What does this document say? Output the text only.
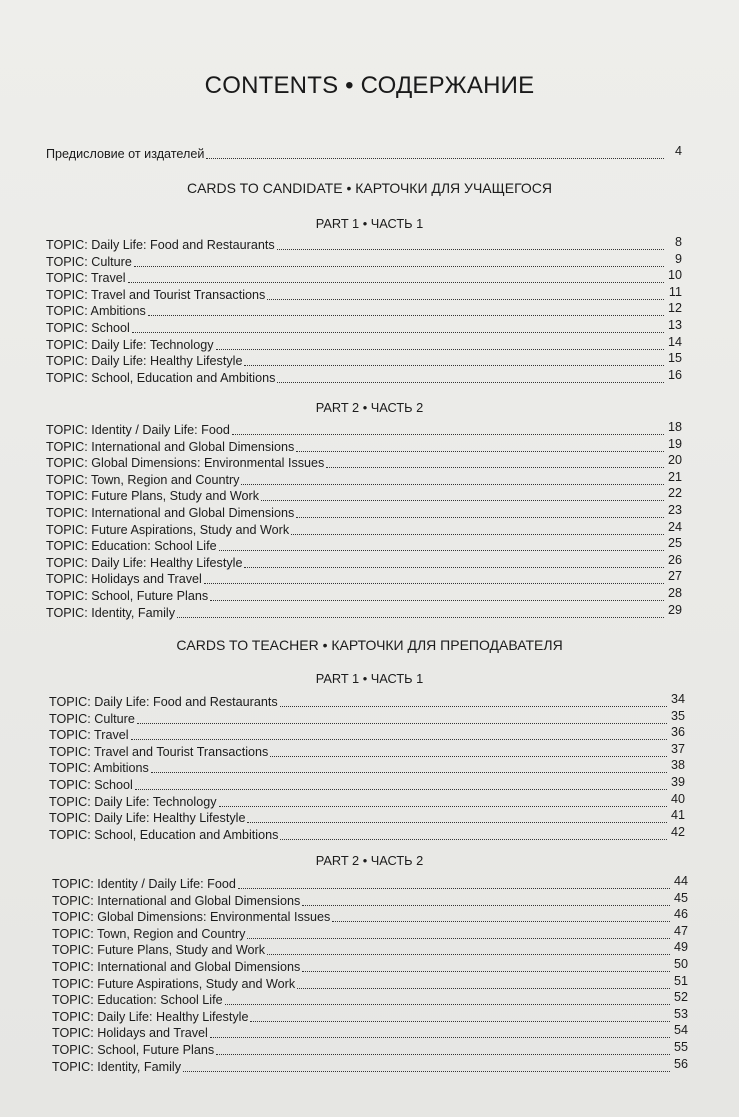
CONTENTS • СОДЕРЖАНИЕ
Предисловие от издателей	4
CARDS TO CANDIDATE • КАРТОЧКИ ДЛЯ УЧАЩЕГОСЯ
PART 1 • ЧАСТЬ 1
TOPIC: Daily Life: Food and Restaurants	8
TOPIC: Culture	9
TOPIC: Travel	10
TOPIC: Travel and Tourist Transactions	11
TOPIC: Ambitions	12
TOPIC: School	13
TOPIC: Daily Life: Technology	14
TOPIC: Daily Life: Healthy Lifestyle	15
TOPIC: School, Education and Ambitions	16
PART 2 • ЧАСТЬ 2
TOPIC: Identity / Daily Life: Food	18
TOPIC: International and Global Dimensions	19
TOPIC: Global Dimensions: Environmental Issues	20
TOPIC: Town, Region and Country	21
TOPIC: Future Plans, Study and Work	22
TOPIC: International and Global Dimensions	23
TOPIC: Future Aspirations, Study and Work	24
TOPIC: Education: School Life	25
TOPIC: Daily Life: Healthy Lifestyle	26
TOPIC: Holidays and Travel	27
TOPIC: School, Future Plans	28
TOPIC: Identity, Family	29
CARDS TO TEACHER • КАРТОЧКИ ДЛЯ ПРЕПОДАВАТЕЛЯ
PART 1 • ЧАСТЬ 1
TOPIC: Daily Life: Food and Restaurants	34
TOPIC: Culture	35
TOPIC: Travel	36
TOPIC: Travel and Tourist Transactions	37
TOPIC: Ambitions	38
TOPIC: School	39
TOPIC: Daily Life: Technology	40
TOPIC: Daily Life: Healthy Lifestyle	41
TOPIC: School, Education and Ambitions	42
PART 2 • ЧАСТЬ 2
TOPIC: Identity / Daily Life: Food	44
TOPIC: International and Global Dimensions	45
TOPIC: Global Dimensions: Environmental Issues	46
TOPIC: Town, Region and Country	47
TOPIC: Future Plans, Study and Work	49
TOPIC: International and Global Dimensions	50
TOPIC: Future Aspirations, Study and Work	51
TOPIC: Education: School Life	52
TOPIC: Daily Life: Healthy Lifestyle	53
TOPIC: Holidays and Travel	54
TOPIC: School, Future Plans	55
TOPIC: Identity, Family	56
